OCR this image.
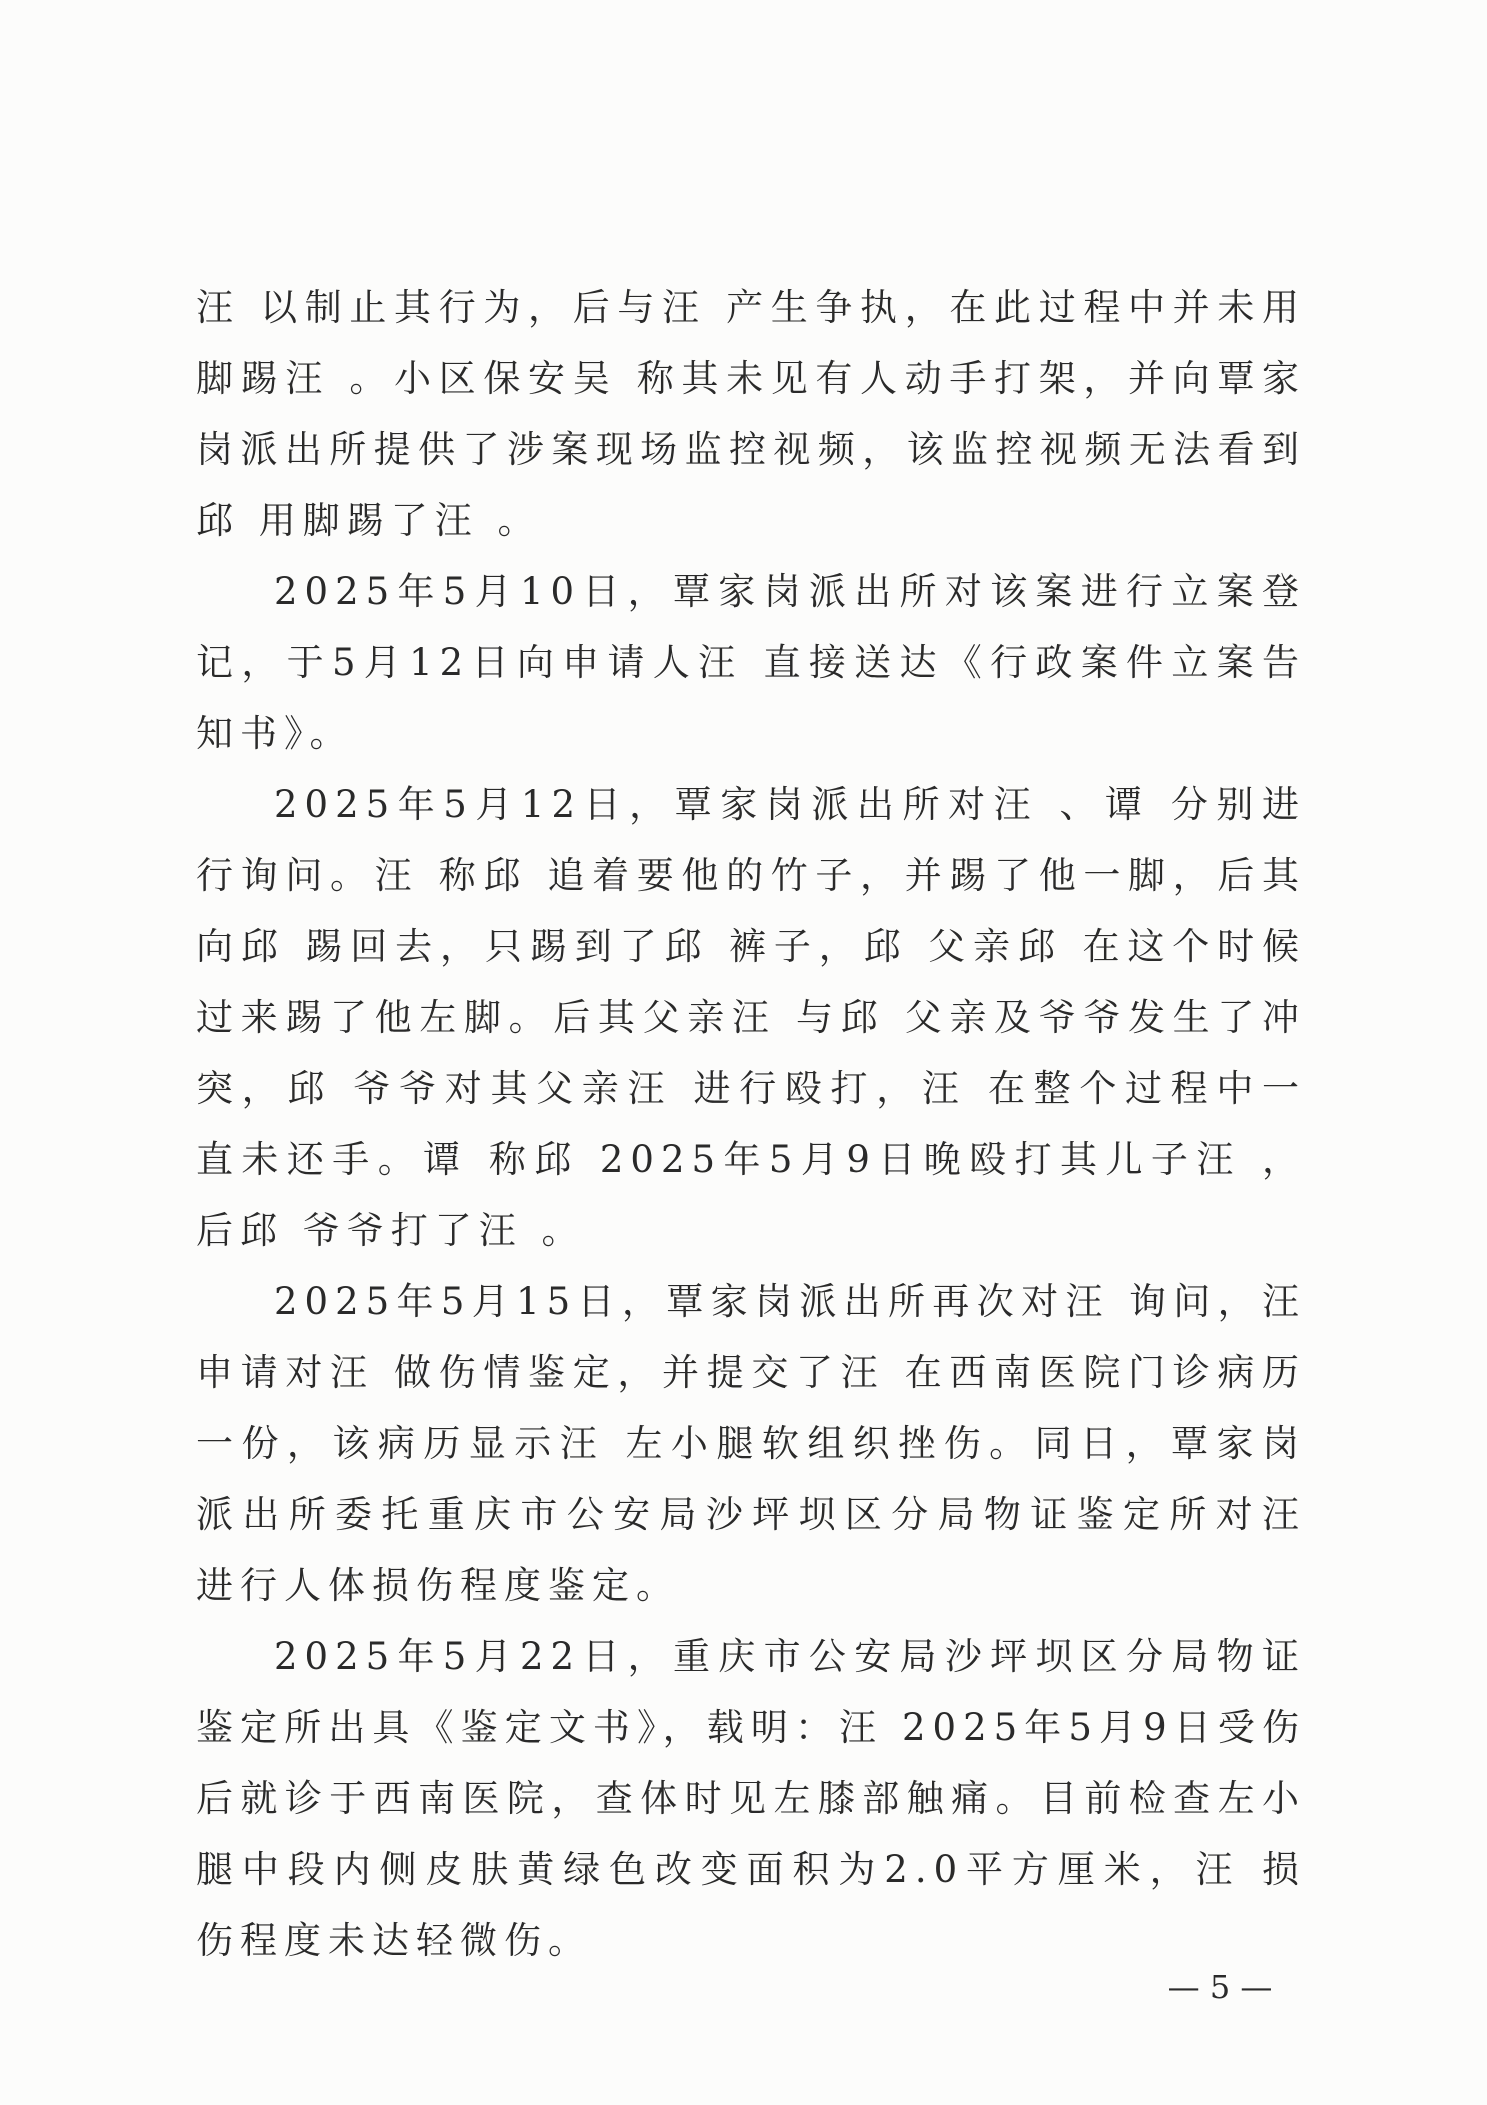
汪 以制止其行为，后与汪 产生争执，在此过程中并未用脚踢汪 。小区保安吴 称其未见有人动手打架，并向覃家岗派出所提供了涉案现场监控视频，该监控视频无法看到邱 用脚踢了汪 。

2025年5月10日，覃家岗派出所对该案进行立案登记，于5月12日向申请人汪 直接送达《行政案件立案告知书》。

2025年5月12日，覃家岗派出所对汪 、谭 分别进行询问。汪 称邱 追着要他的竹子，并踢了他一脚，后其向邱 踢回去，只踢到了邱 裤子，邱 父亲邱 在这个时候过来踢了他左脚。后其父亲汪 与邱 父亲及爷爷发生了冲突，邱 爷爷对其父亲汪 进行殴打，汪 在整个过程中一直未还手。谭 称邱 2025年5月9日晚殴打其儿子汪 ，后邱 爷爷打了汪 。

2025年5月15日，覃家岗派出所再次对汪 询问，汪 申请对汪 做伤情鉴定，并提交了汪 在西南医院门诊病历一份，该病历显示汪 左小腿软组织挫伤。同日，覃家岗派出所委托重庆市公安局沙坪坝区分局物证鉴定所对汪 进行人体损伤程度鉴定。

2025年5月22日，重庆市公安局沙坪坝区分局物证鉴定所出具《鉴定文书》，载明：汪 2025年5月9日受伤后就诊于西南医院，查体时见左膝部触痛。目前检查左小腿中段内侧皮肤黄绿色改变面积为2.0平方厘米，汪 损伤程度未达轻微伤。

— 5 —
